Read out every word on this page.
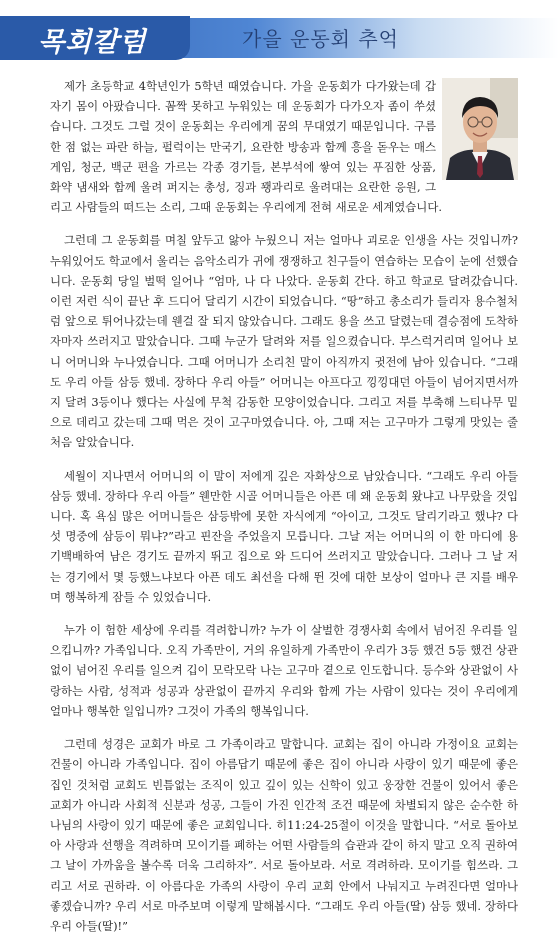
목회칼럼	가을 운동회 추억

제가 초등학교 4학년인가 5학년 때였습니다. 가을 운동회가 다가왔는데 갑자기 몸이 아팠습니다. 꼼짝 못하고 누워있는 데 운동회가 다가오자 좀이 쑤셨습니다. 그것도 그럴 것이 운동회는 우리에게 꿈의 무대였기 때문입니다. 구름 한 점 없는 파란 하늘, 펄럭이는 만국기, 요란한 방송과 함께 흥을 돋우는 매스 게임, 청군, 백군 편을 가르는 각종 경기들, 본부석에 쌓여 있는 푸짐한 상품, 화약 냄새와 함께 울려 퍼지는 총성, 징과 꽹과리로 울려대는 요란한 응원, 그리고 사람들의 떠드는 소리, 그때 운동회는 우리에게 전혀 새로운 세계였습니다.

그런데 그 운동회를 며칠 앞두고 앓아 누웠으니 저는 얼마나 괴로운 인생을 사는 것입니까? 누워있어도 학교에서 울리는 음악소리가 귀에 쟁쟁하고 친구들이 연습하는 모습이 눈에 선했습니다. 운동회 당일 벌떡 일어나 “엄마, 나 다 나았다. 운동회 간다. 하고 학교로 달려갔습니다. 이런 저런 식이 끝난 후 드디어 달리기 시간이 되었습니다. “땅”하고 총소리가 들리자 용수철처럼 앞으로 튀어나갔는데 웬걸 잘 되지 않았습니다. 그래도 용을 쓰고 달렸는데 결승점에 도착하자마자 쓰러지고 말았습니다. 그때 누군가 달려와 저를 일으켰습니다. 부스럭거리며 일어나 보니 어머니와 누나였습니다. 그때 어머니가 소리친 말이 아직까지 귓전에 남아 있습니다. “그래도 우리 아들 삼등 했네. 장하다 우리 아들” 어머니는 아프다고 낑낑대던 아들이 넘어지면서까지 달려 3등이나 했다는 사실에 무척 감동한 모양이었습니다. 그리고 저를 부축해 느티나무 밑으로 데리고 갔는데 그때 먹은 것이 고구마였습니다. 아, 그때 저는 고구마가 그렇게 맛있는 줄 처음 알았습니다.

세월이 지나면서 어머니의 이 말이 저에게 깊은 자화상으로 남았습니다. “그래도 우리 아들 삼등 했네. 장하다 우리 아들” 웬만한 시골 어머니들은 아픈 데 왜 운동회 왔냐고 나무랐을 것입니다. 혹 욕심 많은 어머니들은 삼등밖에 못한 자식에게 “아이고, 그것도 달리기라고 했냐? 다섯 명중에 삼등이 뭐냐?”라고 핀잔을 주었을지 모릅니다. 그날 저는 어머니의 이 한 마디에 용기백배하여 남은 경기도 끝까지 뛰고 집으로 와 드디어 쓰러지고 말았습니다. 그러나 그 날 저는 경기에서 몇 등했느냐보다 아픈 데도 최선을 다해 뛴 것에 대한 보상이 얼마나 큰 지를 배우며 행복하게 잠들 수 있었습니다.

누가 이 험한 세상에 우리를 격려합니까? 누가 이 살벌한 경쟁사회 속에서 넘어진 우리를 일으킵니까? 가족입니다. 오직 가족만이, 거의 유일하게 가족만이 우리가 3등 했건 5등 했건 상관없이 넘어진 우리를 일으켜 깁이 모락모락 나는 고구마 곁으로 인도합니다. 등수와 상관없이 사랑하는 사람, 성적과 성공과 상관없이 끝까지 우리와 함께 가는 사람이 있다는 것이 우리에게 얼마나 행복한 일입니까? 그것이 가족의 행복입니다.

그런데 성경은 교회가 바로 그 가족이라고 말합니다. 교회는 집이 아니라 가정이요 교회는 건물이 아니라 가족입니다. 집이 아름답기 때문에 좋은 집이 아니라 사랑이 있기 때문에 좋은 집인 것처럼 교회도 빈틈없는 조직이 있고 깊이 있는 신학이 있고 웅장한 건물이 있어서 좋은 교회가 아니라 사회적 신분과 성공, 그들이 가진 인간적 조건 때문에 차별되지 않은 순수한 하나님의 사랑이 있기 때문에 좋은 교회입니다. 히11:24-25절이 이것을 말합니다. “서로 돌아보아 사랑과 선행을 격려하며 모이기를 폐하는 어떤 사람들의 습관과 같이 하지 말고 오직 권하여 그 날이 가까움을 볼수록 더욱 그리하자”. 서로 돌아보라. 서로 격려하라. 모이기를 힘쓰라. 그리고 서로 권하라. 이 아름다운 가족의 사랑이 우리 교회 안에서 나눠지고 누려진다면 얼마나 좋겠습니까? 우리 서로 마주보며 이렇게 말해봅시다. “그래도 우리 아들(딸) 삼등 했네. 장하다 우리 아들(딸)!”
